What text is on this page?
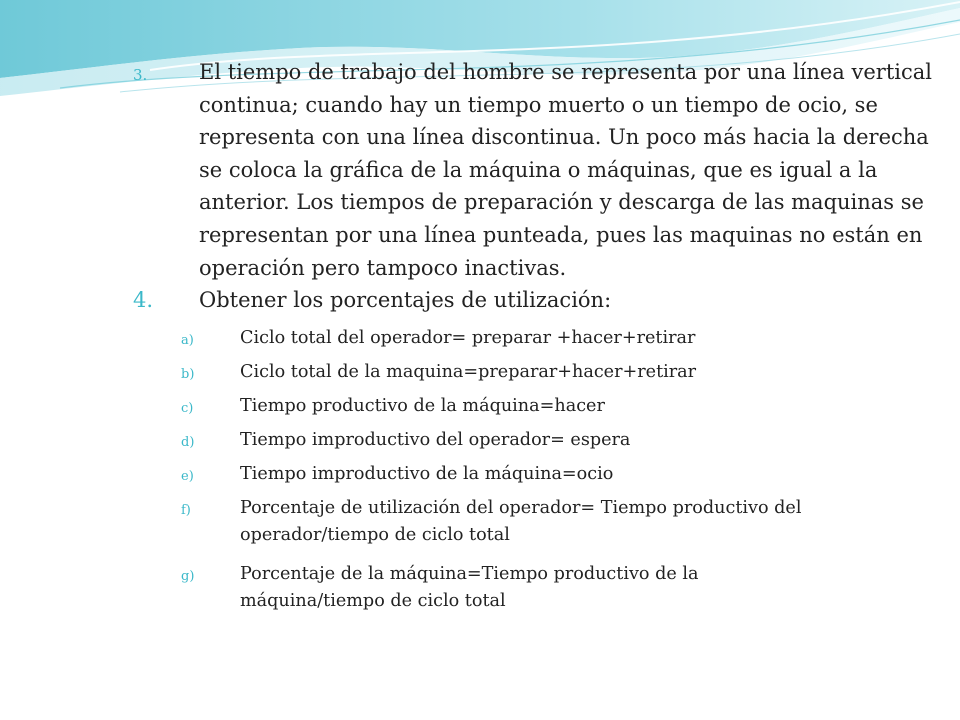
3. El tiempo de trabajo del hombre se representa por una línea vertical continua; cuando hay un tiempo muerto o un tiempo de ocio, se representa con una línea discontinua. Un poco más hacia la derecha se coloca la gráfica de la máquina o máquinas, que es igual a la anterior. Los tiempos de preparación y descarga de las maquinas se representan por una línea punteada, pues las maquinas no están en operación pero tampoco inactivas.
4. Obtener los porcentajes de utilización:
a)	Ciclo total del operador= preparar +hacer+retirar
b)	Ciclo total de la maquina=preparar+hacer+retirar
c)	Tiempo productivo de la máquina=hacer
d)	Tiempo improductivo del operador= espera
e)	Tiempo improductivo de la máquina=ocio
f)	Porcentaje de utilización del operador= Tiempo productivo del operador/tiempo de ciclo total
g)	Porcentaje de la máquina=Tiempo productivo de la máquina/tiempo de ciclo total
